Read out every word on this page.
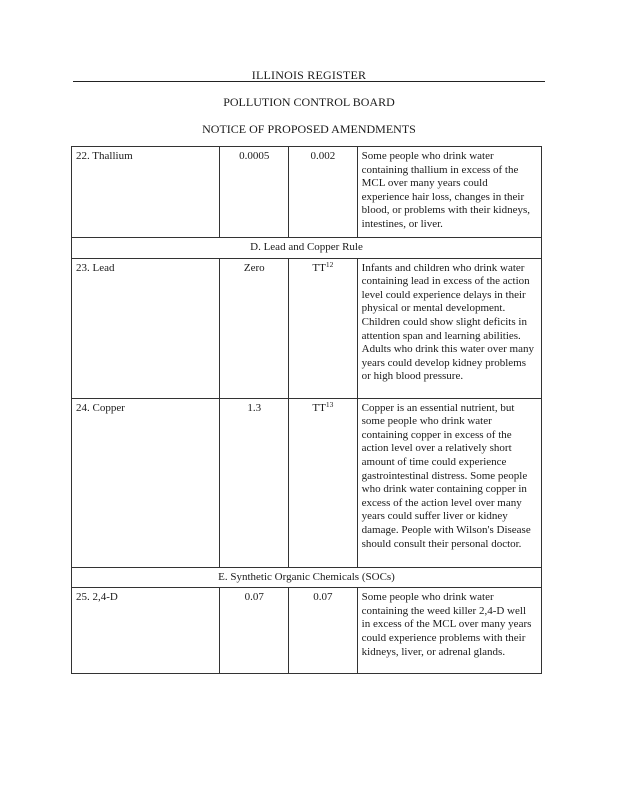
ILLINOIS REGISTER
POLLUTION CONTROL BOARD
NOTICE OF PROPOSED AMENDMENTS
22. Thallium	0.0005	0.002	Some people who drink water containing thallium in excess of the MCL over many years could experience hair loss, changes in their blood, or problems with their kidneys, intestines, or liver.
D. Lead and Copper Rule			
23. Lead	Zero	TT$^{12}$	Infants and children who drink water containing lead in excess of the action level could experience delays in their physical or mental development. Children could show slight deficits in attention span and learning abilities. Adults who drink this water over many years could develop kidney problems or high blood pressure.
24. Copper	1.3	TT$^{13}$	Copper is an essential nutrient, but some people who drink water containing copper in excess of the action level over a relatively short amount of time could experience gastrointestinal distress. Some people who drink water containing copper in excess of the action level over many years could suffer liver or kidney damage. People with Wilson's Disease should consult their personal doctor.
E. Synthetic Organic Chemicals (SOCs)			
25. 2,4-D	0.07	0.07	Some people who drink water containing the weed killer 2,4-D well in excess of the MCL over many years could experience problems with their kidneys, liver, or adrenal glands.
